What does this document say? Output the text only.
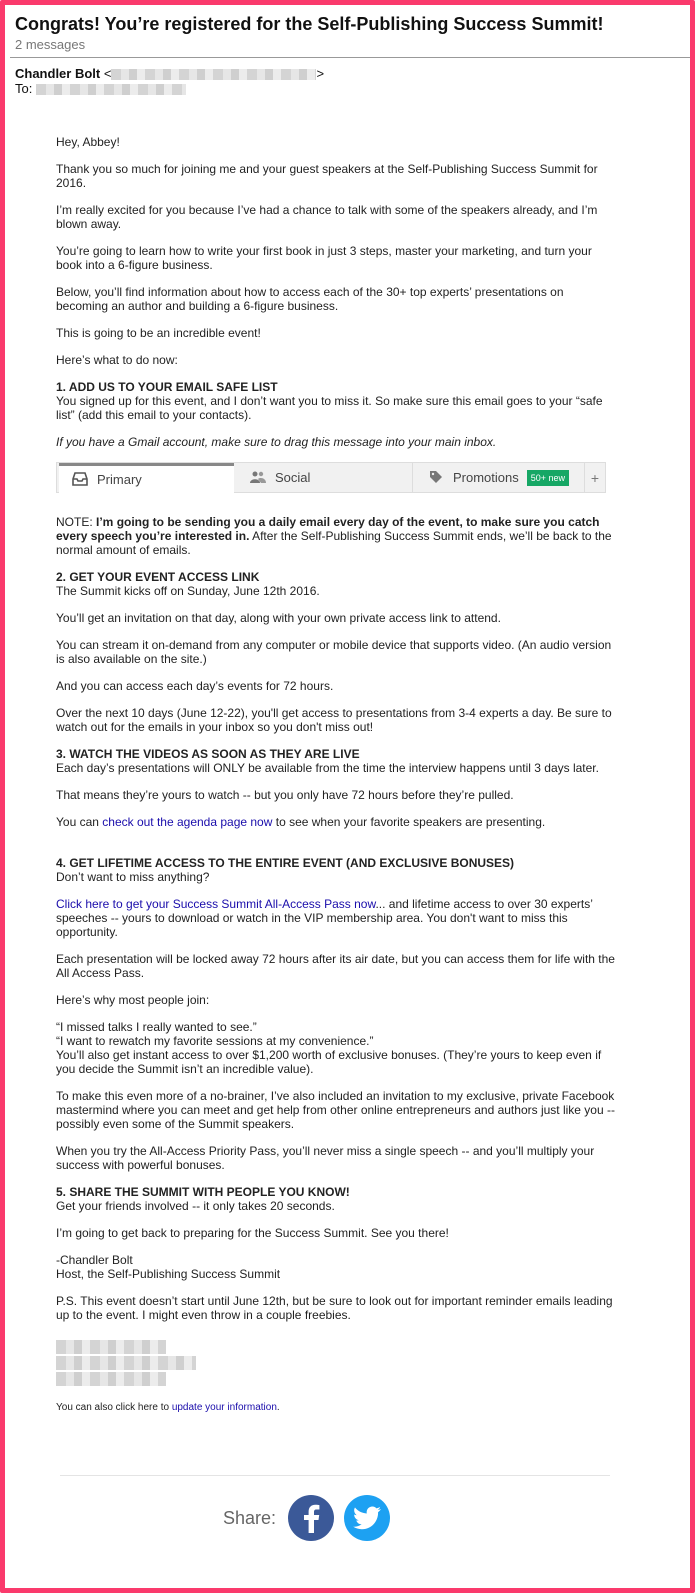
Congrats! You’re registered for the Self-Publishing Success Summit!
2 messages
Chandler Bolt <	>
To:

Hey, Abbey!

Thank you so much for joining me and your guest speakers at the Self-Publishing Success Summit for 2016.

I’m really excited for you because I’ve had a chance to talk with some of the speakers already, and I’m blown away.

You’re going to learn how to write your first book in just 3 steps, master your marketing, and turn your book into a 6-figure business.

Below, you’ll find information about how to access each of the 30+ top experts’ presentations on becoming an author and building a 6-figure business.

This is going to be an incredible event!

Here’s what to do now:

1. ADD US TO YOUR EMAIL SAFE LIST
You signed up for this event, and I don’t want you to miss it. So make sure this email goes to your “safe list” (add this email to your contacts).

If you have a Gmail account, make sure to drag this message into your main inbox.

Primary	Social	Promotions	50+ new	+

NOTE: I’m going to be sending you a daily email every day of the event, to make sure you catch every speech you’re interested in. After the Self-Publishing Success Summit ends, we’ll be back to the normal amount of emails.

2. GET YOUR EVENT ACCESS LINK
The Summit kicks off on Sunday, June 12th 2016.

You’ll get an invitation on that day, along with your own private access link to attend.

You can stream it on-demand from any computer or mobile device that supports video. (An audio version is also available on the site.)

And you can access each day’s events for 72 hours.

Over the next 10 days (June 12-22), you'll get access to presentations from 3-4 experts a day. Be sure to watch out for the emails in your inbox so you don't miss out!

3. WATCH THE VIDEOS AS SOON AS THEY ARE LIVE
Each day’s presentations will ONLY be available from the time the interview happens until 3 days later.

That means they’re yours to watch -- but you only have 72 hours before they’re pulled.

You can check out the agenda page now to see when your favorite speakers are presenting.

4. GET LIFETIME ACCESS TO THE ENTIRE EVENT (AND EXCLUSIVE BONUSES)
Don’t want to miss anything?

Click here to get your Success Summit All-Access Pass now... and lifetime access to over 30 experts’ speeches -- yours to download or watch in the VIP membership area. You don't want to miss this opportunity.

Each presentation will be locked away 72 hours after its air date, but you can access them for life with the All Access Pass.

Here’s why most people join:

“I missed talks I really wanted to see.”
“I want to rewatch my favorite sessions at my convenience.”
You’ll also get instant access to over $1,200 worth of exclusive bonuses. (They’re yours to keep even if you decide the Summit isn’t an incredible value).

To make this even more of a no-brainer, I’ve also included an invitation to my exclusive, private Facebook mastermind where you can meet and get help from other online entrepreneurs and authors just like you -- possibly even some of the Summit speakers.

When you try the All-Access Priority Pass, you’ll never miss a single speech -- and you’ll multiply your success with powerful bonuses.

5. SHARE THE SUMMIT WITH PEOPLE YOU KNOW!
Get your friends involved -- it only takes 20 seconds.

I’m going to get back to preparing for the Success Summit. See you there!

-Chandler Bolt
Host, the Self-Publishing Success Summit

P.S. This event doesn’t start until June 12th, but be sure to look out for important reminder emails leading up to the event. I might even throw in a couple freebies.

You can also click here to update your information.
Share:
